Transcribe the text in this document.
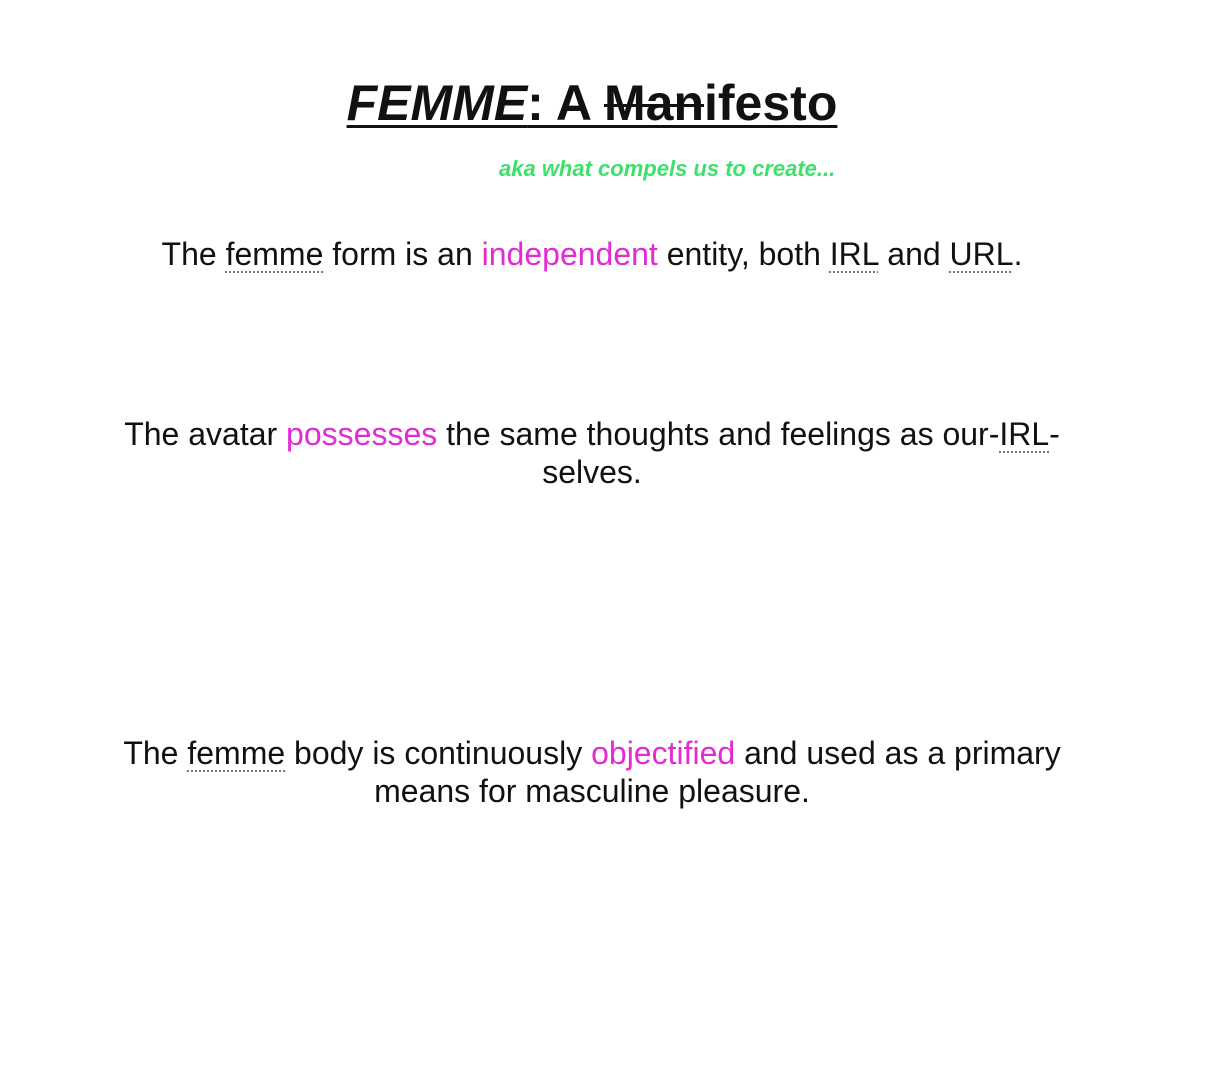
FEMME: A Manifesto

aka what compels us to create...

The femme form is an independent entity, both IRL and URL.

The avatar possesses the same thoughts and feelings as our-IRL-
selves.

The femme body is continuously objectified and used as a primary
means for masculine pleasure.
